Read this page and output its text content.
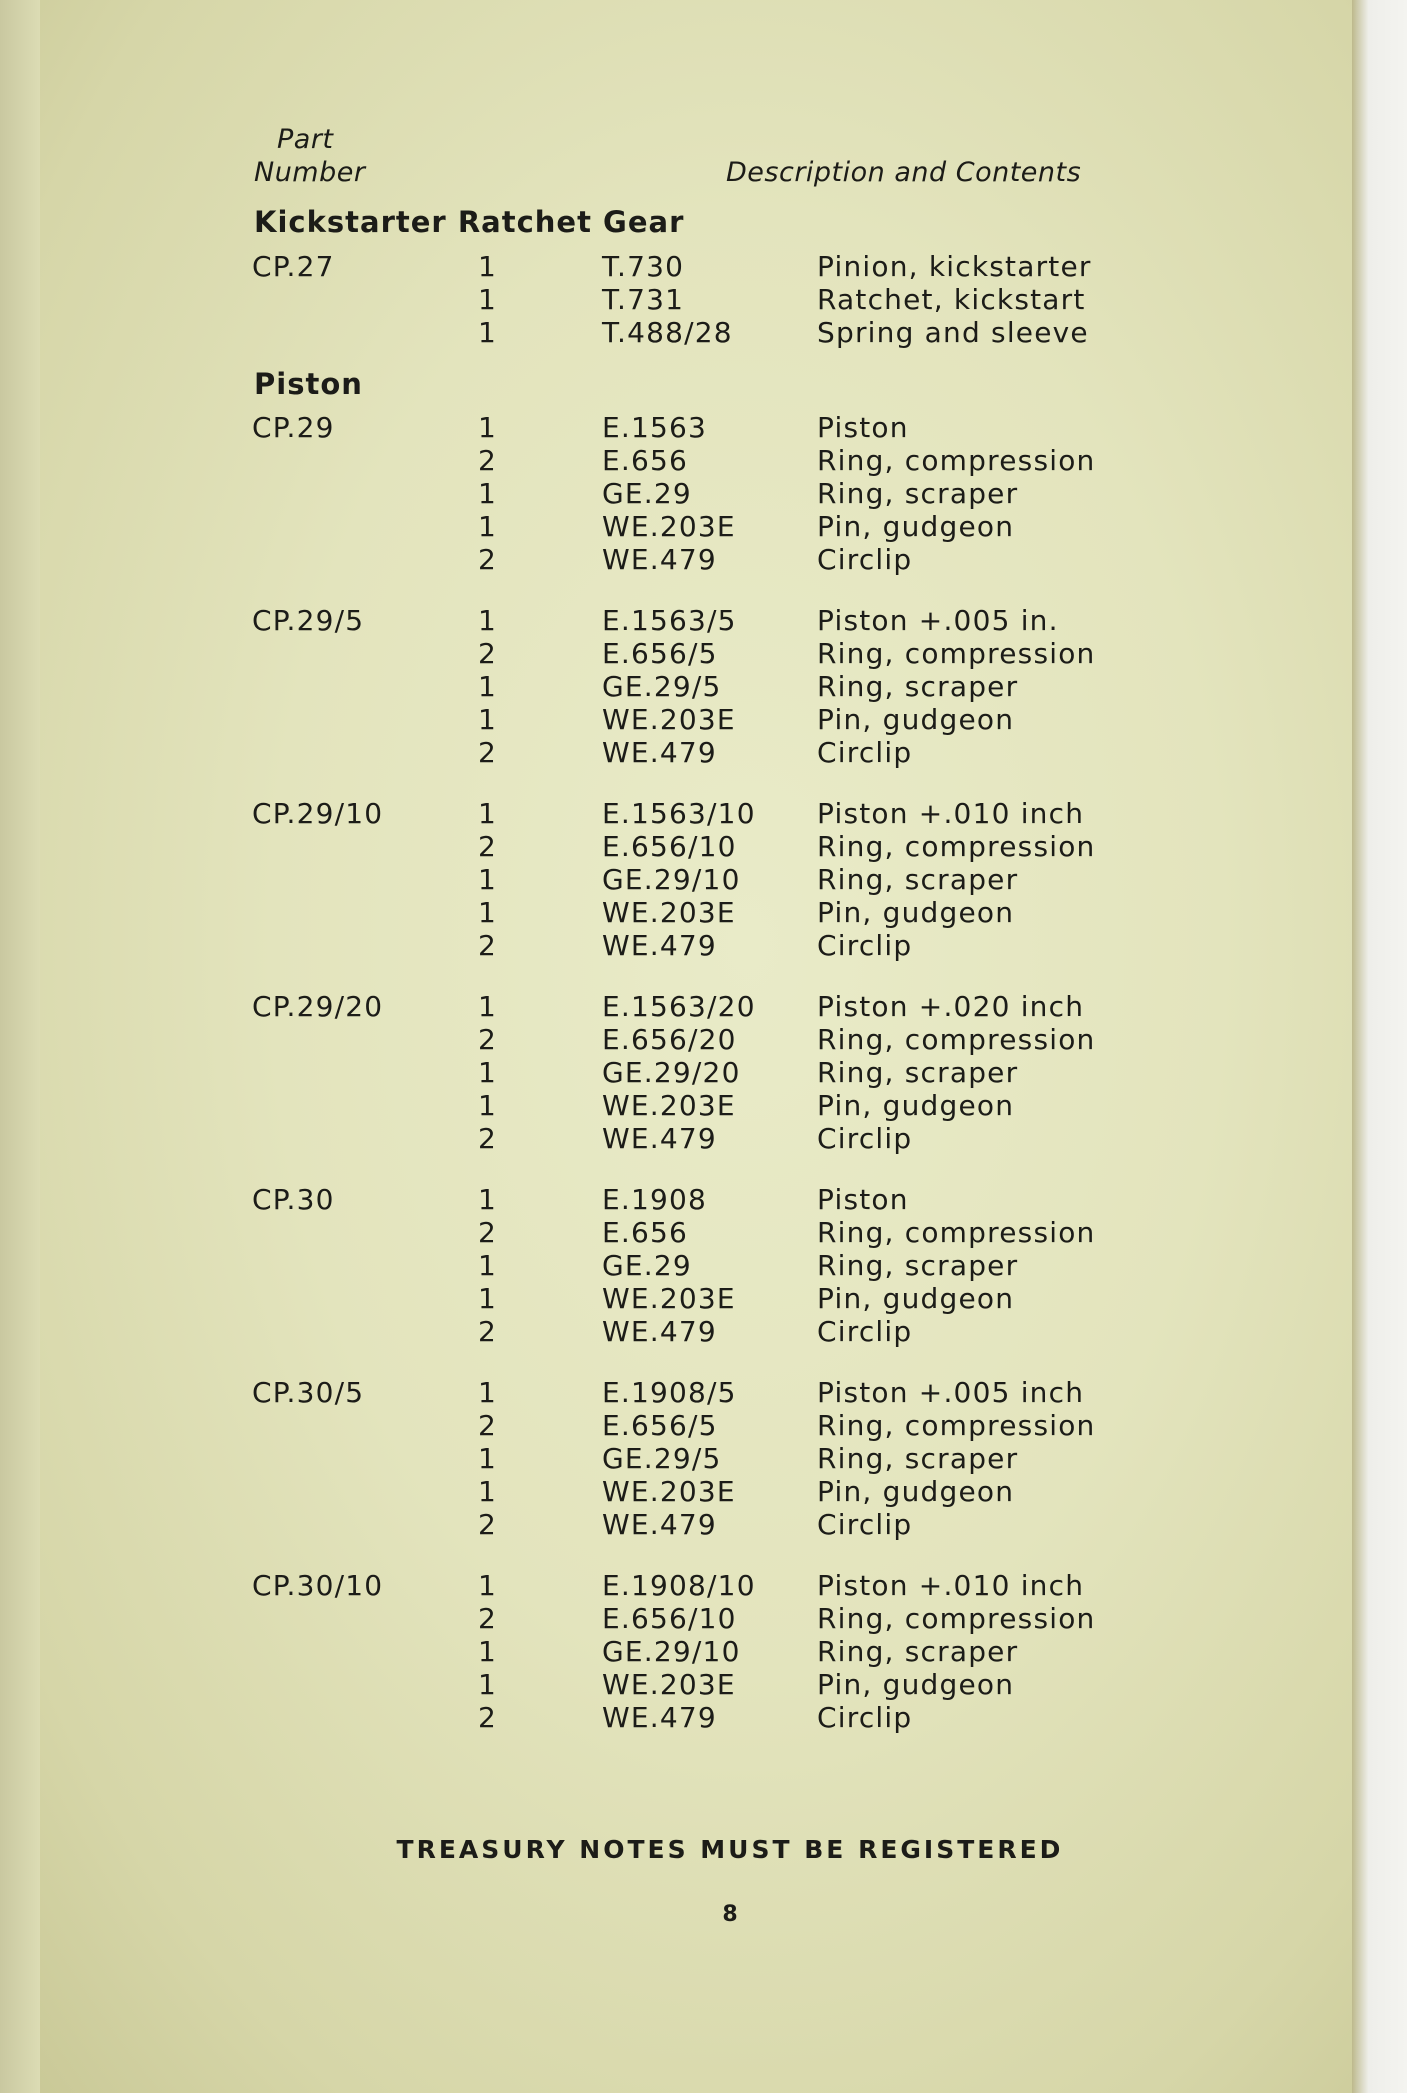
Part
Number	Description and Contents
Kickstarter Ratchet Gear
Piston
CP.27	1	T.730	Pinion, kickstarter
1	T.731	Ratchet, kickstart
1	T.488/28	Spring and sleeve
CP.29	1	E.1563	Piston
2	E.656	Ring, compression
1	GE.29	Ring, scraper
1	WE.203E	Pin, gudgeon
2	WE.479	Circlip
CP.29/5	1	E.1563/5	Piston +.005 in.
2	E.656/5	Ring, compression
1	GE.29/5	Ring, scraper
1	WE.203E	Pin, gudgeon
2	WE.479	Circlip
CP.29/10	1	E.1563/10 Piston +.010 inch
2	E.656/10	Ring, compression
1	GE.29/10	Ring, scraper
1	WE.203E	Pin, gudgeon
2	WE.479	Circlip
CP.29/20	1	E.1563/20 Piston +.020 inch
2	E.656/20	Ring, compression
1	GE.29/20	Ring, scraper
1	WE.203E	Pin, gudgeon
2	WE.479	Circlip
CP.30	1	E.1908	Piston
2	E.656	Ring, compression
1	GE.29	Ring, scraper
1	WE.203E	Pin, gudgeon
2	WE.479	Circlip
CP.30/5	1	E.1908/5	Piston +.005 inch
2	E.656/5	Ring, compression
1	GE.29/5	Ring, scraper
1	WE.203E	Pin, gudgeon
2	WE.479	Circlip
CP.30/10	1	E.1908/10 Piston +.010 inch
2	E.656/10	Ring, compression
1	GE.29/10	Ring, scraper
1	WE.203E	Pin, gudgeon
2	WE.479	Circlip
TREASURY NOTES MUST BE REGISTERED
8
